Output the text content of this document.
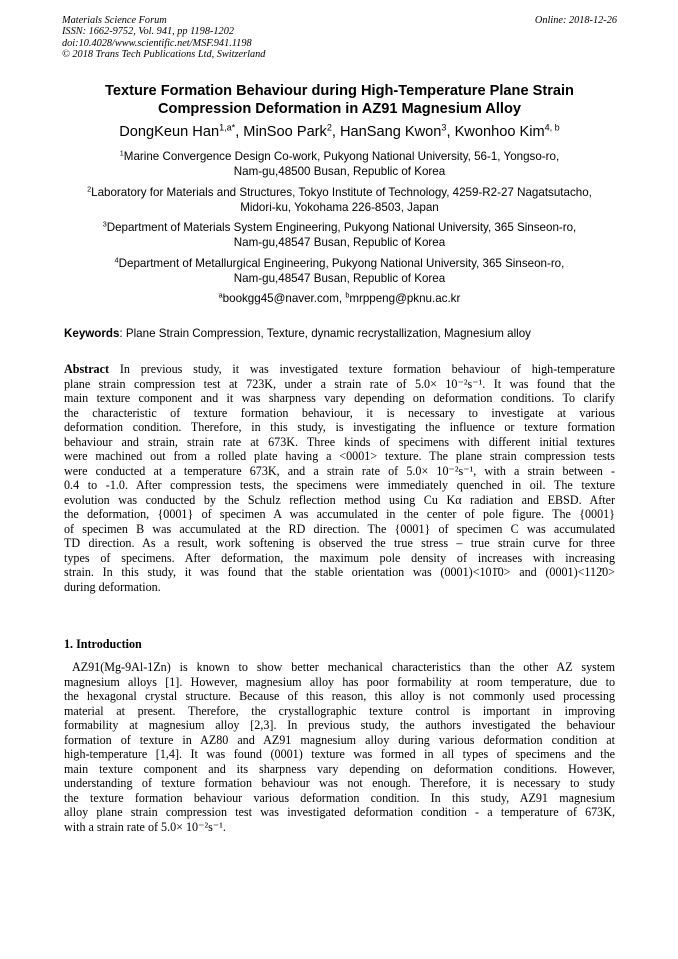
Materials Science Forum
ISSN: 1662-9752, Vol. 941, pp 1198-1202
doi:10.4028/www.scientific.net/MSF.941.1198
© 2018 Trans Tech Publications Ltd, Switzerland
Online: 2018-12-26
Texture Formation Behaviour during High-Temperature Plane Strain
Compression Deformation in AZ91 Magnesium Alloy
DongKeun Han$^{1,a*}$, MinSoo Park$^2$, HanSang Kwon$^3$, Kwonhoo Kim$^{4, b}$
$^1$Marine Convergence Design Co-work, Pukyong National University, 56-1, Yongso-ro,
Nam-gu,48500 Busan, Republic of Korea
$^2$Laboratory for Materials and Structures, Tokyo Institute of Technology, 4259-R2-27 Nagatsutacho,
Midori-ku, Yokohama 226-8503, Japan
$^3$Department of Materials System Engineering, Pukyong National University, 365 Sinseon-ro,
Nam-gu,48547 Busan, Republic of Korea
$^4$Department of Metallurgical Engineering, Pukyong National University, 365 Sinseon-ro,
Nam-gu,48547 Busan, Republic of Korea
$^a$bookgg45@naver.com, $^b$mrppeng@pknu.ac.kr
Keywords: Plane Strain Compression, Texture, dynamic recrystallization, Magnesium alloy
Abstract In previous study, it was investigated texture formation behaviour of high-temperature
plane strain compression test at 723K, under a strain rate of 5.0× 10⁻²s⁻¹. It was found that the
main texture component and it was sharpness vary depending on deformation conditions. To clarify
the characteristic of texture formation behaviour, it is necessary to investigate at various
deformation condition. Therefore, in this study, is investigating the influence or texture formation
behaviour and strain, strain rate at 673K. Three kinds of specimens with different initial textures
were machined out from a rolled plate having a <0001> texture. The plane strain compression tests
were conducted at a temperature 673K, and a strain rate of 5.0× 10⁻²s⁻¹, with a strain between -
0.4 to -1.0. After compression tests, the specimens were immediately quenched in oil. The texture
evolution was conducted by the Schulz reflection method using Cu Kα radiation and EBSD. After
the deformation, {0001} of specimen A was accumulated in the center of pole figure. The {0001}
of specimen B was accumulated at the RD direction. The {0001} of specimen C was accumulated
TD direction. As a result, work softening is observed the true stress – true strain curve for three
types of specimens. After deformation, the maximum pole density of increases with increasing
strain. In this study, it was found that the stable orientation was (0001)<101̄0> and (0001)<112̄0>
during deformation.
1. Introduction
AZ91(Mg-9Al-1Zn) is known to show better mechanical characteristics than the other AZ system
magnesium alloys [1]. However, magnesium alloy has poor formability at room temperature, due to
the hexagonal crystal structure. Because of this reason, this alloy is not commonly used processing
material at present. Therefore, the crystallographic texture control is important in improving
formability at magnesium alloy [2,3]. In previous study, the authors investigated the behaviour
formation of texture in AZ80 and AZ91 magnesium alloy during various deformation condition at
high-temperature [1,4]. It was found (0001) texture was formed in all types of specimens and the
main texture component and its sharpness vary depending on deformation conditions. However,
understanding of texture formation behaviour was not enough. Therefore, it is necessary to study
the texture formation behaviour various deformation condition. In this study, AZ91 magnesium
alloy plane strain compression test was investigated deformation condition - a temperature of 673K,
with a strain rate of 5.0× 10⁻²s⁻¹.
